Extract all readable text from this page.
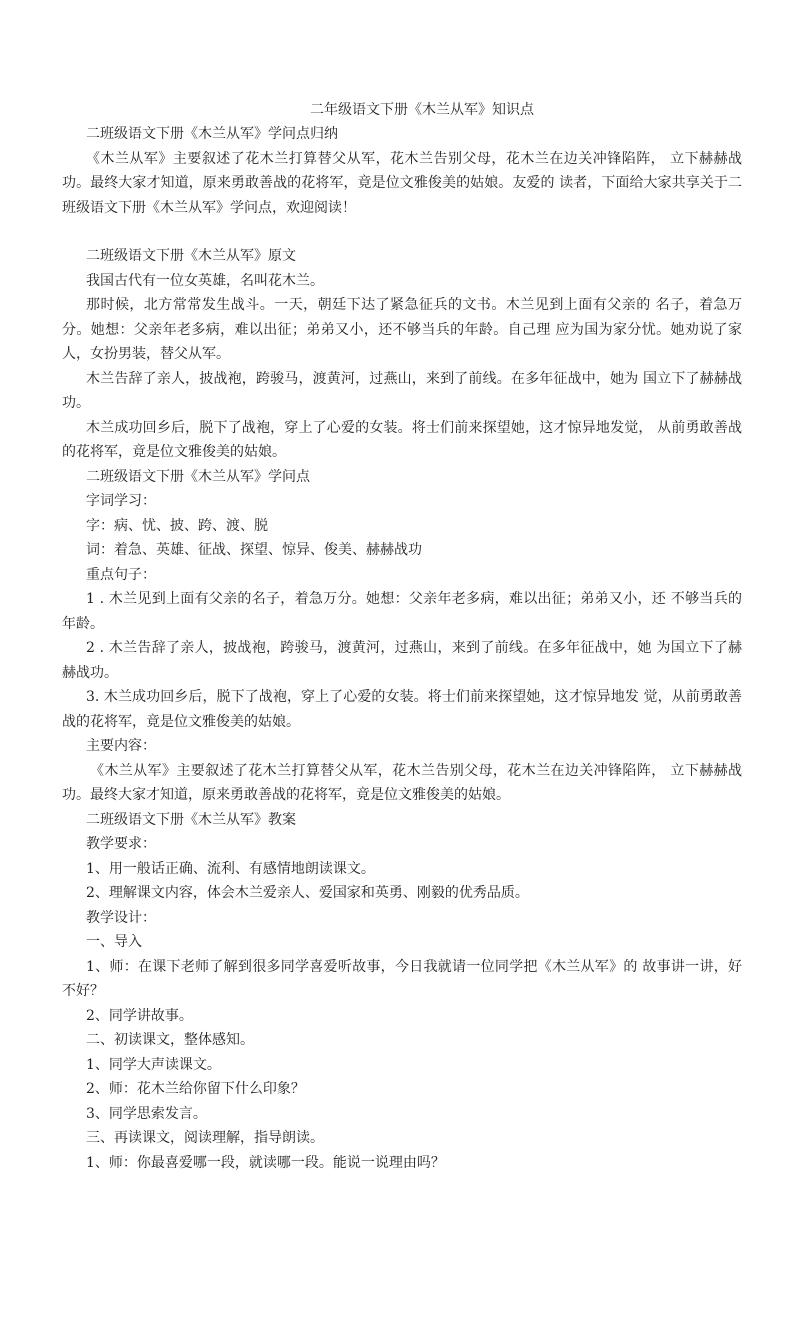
二年级语文下册《木兰从军》知识点

二班级语文下册《木兰从军》学问点归纳

《木兰从军》主要叙述了花木兰打算替父从军，花木兰告别父母，花木兰在边关冲锋陷阵， 立下赫赫战功。最终大家才知道，原来勇敢善战的花将军，竟是位文雅俊美的姑娘。友爱的 读者，下面给大家共享关于二班级语文下册《木兰从军》学问点，欢迎阅读！

二班级语文下册《木兰从军》原文

我国古代有一位女英雄，名叫花木兰。

那时候，北方常常发生战斗。一天，朝廷下达了紧急征兵的文书。木兰见到上面有父亲的 名子，着急万分。她想：父亲年老多病，难以出征；弟弟又小，还不够当兵的年龄。自己理 应为国为家分忧。她劝说了家人，女扮男装，替父从军。

木兰告辞了亲人，披战袍，跨骏马，渡黄河，过燕山，来到了前线。在多年征战中，她为 国立下了赫赫战功。

木兰成功回乡后，脱下了战袍，穿上了心爱的女装。将士们前来探望她，这才惊异地发觉， 从前勇敢善战的花将军，竟是位文雅俊美的姑娘。

二班级语文下册《木兰从军》学问点

字词学习：

字：病、忧、披、跨、渡、脱

词：着急、英雄、征战、探望、惊异、俊美、赫赫战功

重点句子：

1 . 木兰见到上面有父亲的名子，着急万分。她想：父亲年老多病，难以出征；弟弟又小，还 不够当兵的年龄。

2 . 木兰告辞了亲人，披战袍，跨骏马，渡黄河，过燕山，来到了前线。在多年征战中，她 为国立下了赫赫战功。

3. 木兰成功回乡后，脱下了战袍，穿上了心爱的女装。将士们前来探望她，这才惊异地发 觉，从前勇敢善战的花将军，竟是位文雅俊美的姑娘。

主要内容：

《木兰从军》主要叙述了花木兰打算替父从军，花木兰告别父母，花木兰在边关冲锋陷阵， 立下赫赫战功。最终大家才知道，原来勇敢善战的花将军，竟是位文雅俊美的姑娘。

二班级语文下册《木兰从军》教案

教学要求：

1、用一般话正确、流利、有感情地朗读课文。

2、理解课文内容，体会木兰爱亲人、爱国家和英勇、刚毅的优秀品质。

教学设计：

一、导入

1、师：在课下老师了解到很多同学喜爱听故事，今日我就请一位同学把《木兰从军》的 故事讲一讲，好不好？

2、同学讲故事。

二、初读课文，整体感知。

1、同学大声读课文。

2、师：花木兰给你留下什么印象？

3、同学思索发言。

三、再读课文，阅读理解，指导朗读。

1、师：你最喜爱哪一段，就读哪一段。能说一说理由吗？
